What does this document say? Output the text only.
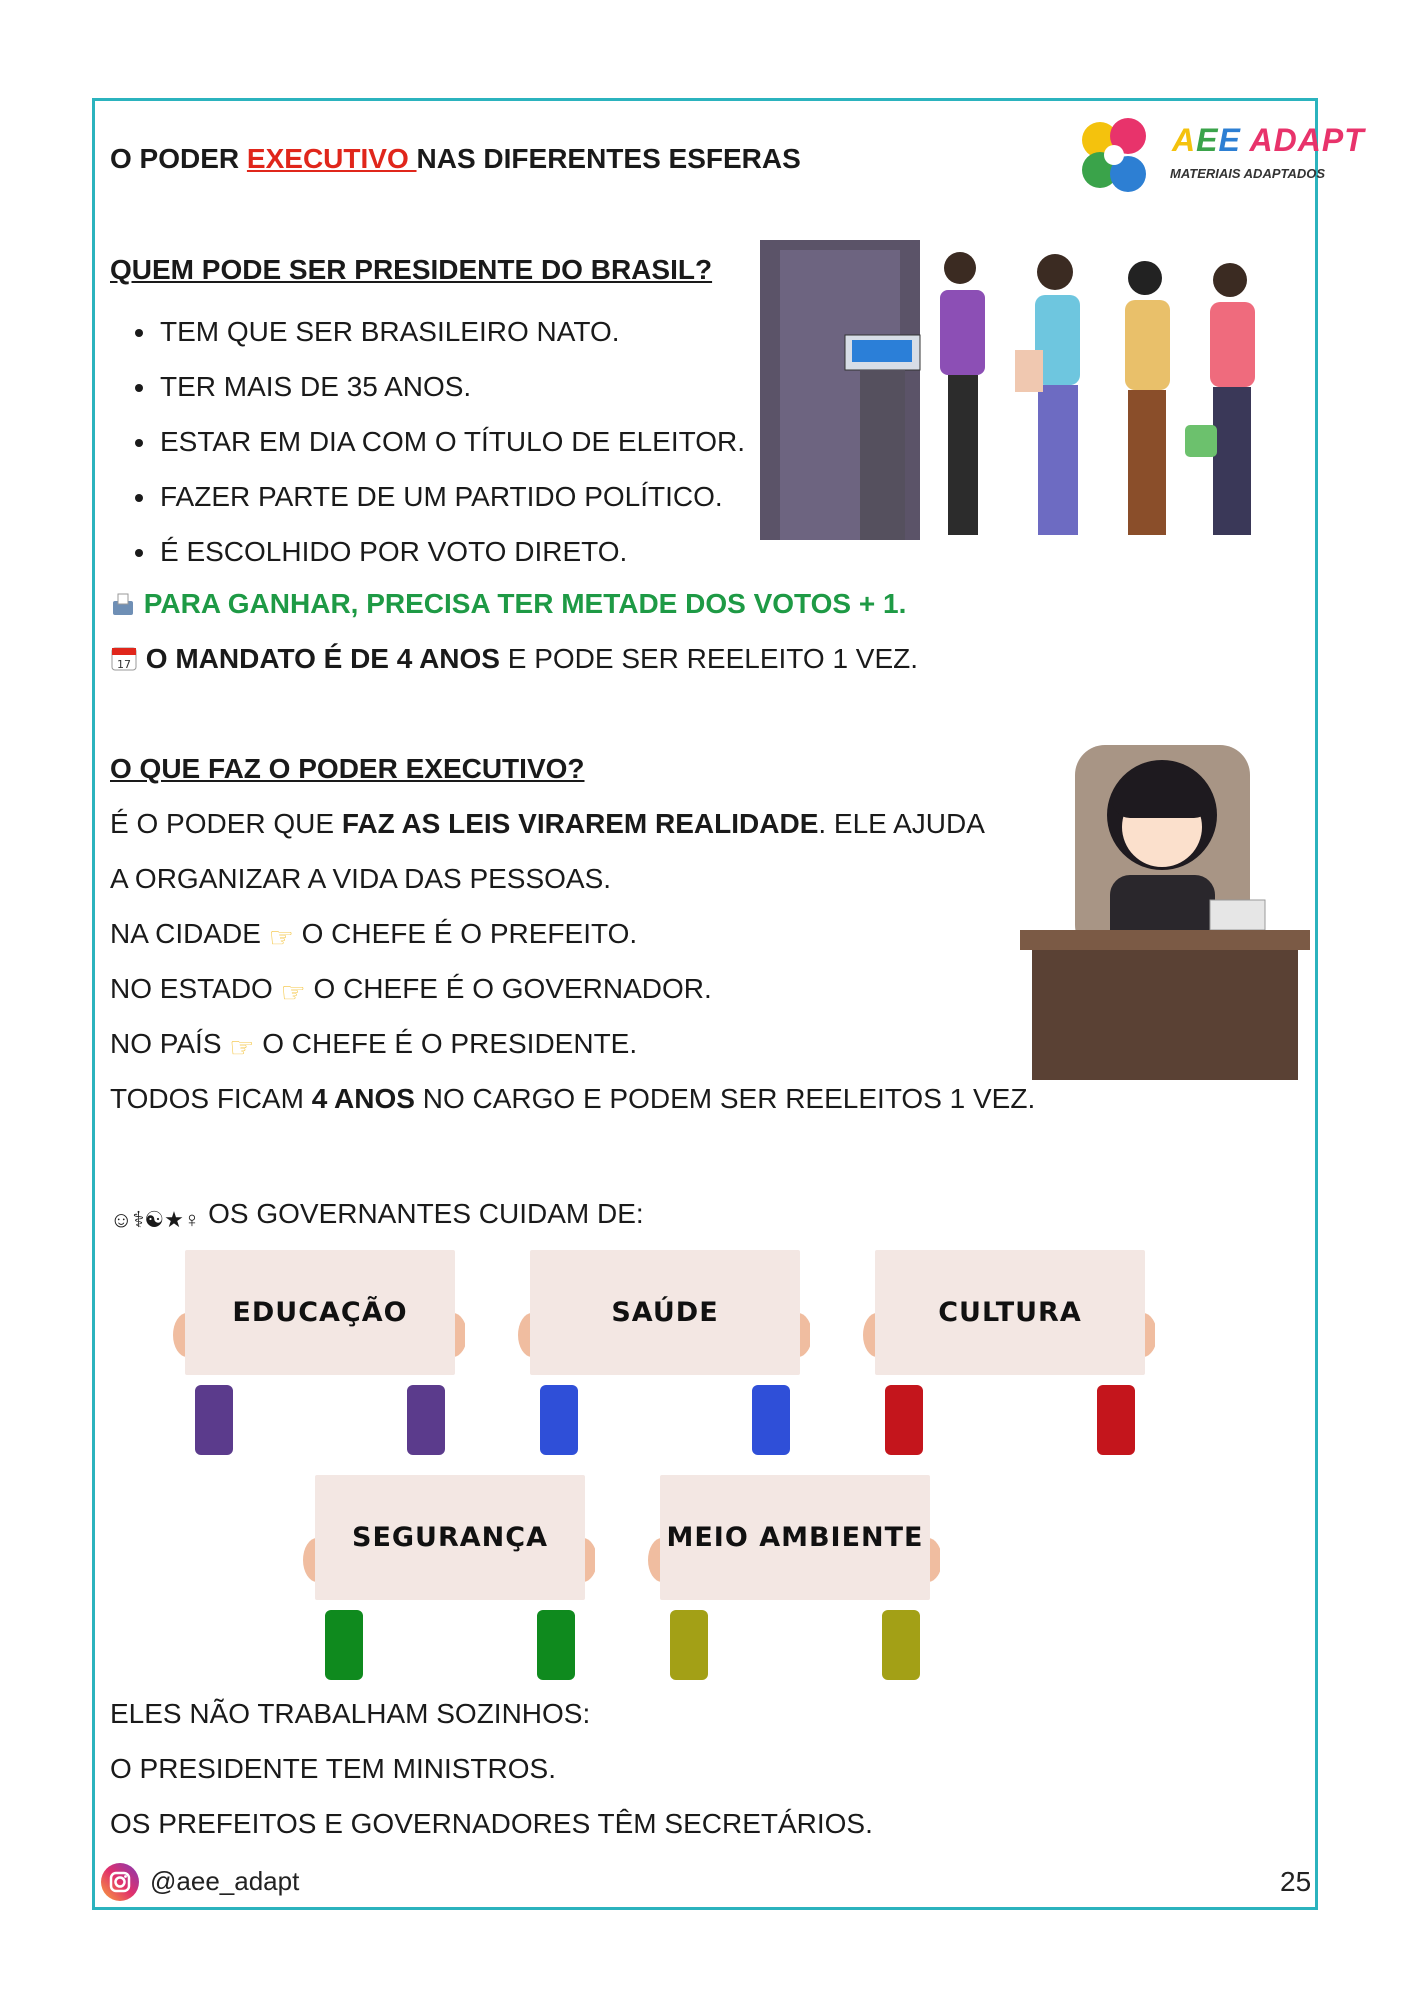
O PODER EXECUTIVO NAS DIFERENTES ESFERAS
AEE ADAPT
MATERIAIS ADAPTADOS
QUEM PODE SER PRESIDENTE DO BRASIL?
• TEM QUE SER BRASILEIRO NATO.
• TER MAIS DE 35 ANOS.
• ESTAR EM DIA COM O TÍTULO DE ELEITOR.
• FAZER PARTE DE UM PARTIDO POLÍTICO.
• É ESCOLHIDO POR VOTO DIRETO.
PARA GANHAR, PRECISA TER METADE DOS VOTOS + 1.
17 O MANDATO É DE 4 ANOS E PODE SER REELEITO 1 VEZ.
O QUE FAZ O PODER EXECUTIVO?
É O PODER QUE FAZ AS LEIS VIRAREM REALIDADE. ELE AJUDA
A ORGANIZAR A VIDA DAS PESSOAS.
NA CIDADE ☞ O CHEFE É O PREFEITO.
NO ESTADO ☞ O CHEFE É O GOVERNADOR.
NO PAÍS ☞ O CHEFE É O PRESIDENTE.
TODOS FICAM 4 ANOS NO CARGO E PODEM SER REELEITOS 1 VEZ.
☺⚕☯★♀ OS GOVERNANTES CUIDAM DE:
EDUCAÇÃO	SAÚDE	CULTURA
SEGURANÇA	MEIO AMBIENTE
ELES NÃO TRABALHAM SOZINHOS:
O PRESIDENTE TEM MINISTROS.
OS PREFEITOS E GOVERNADORES TÊM SECRETÁRIOS.
@aee_adapt	25
